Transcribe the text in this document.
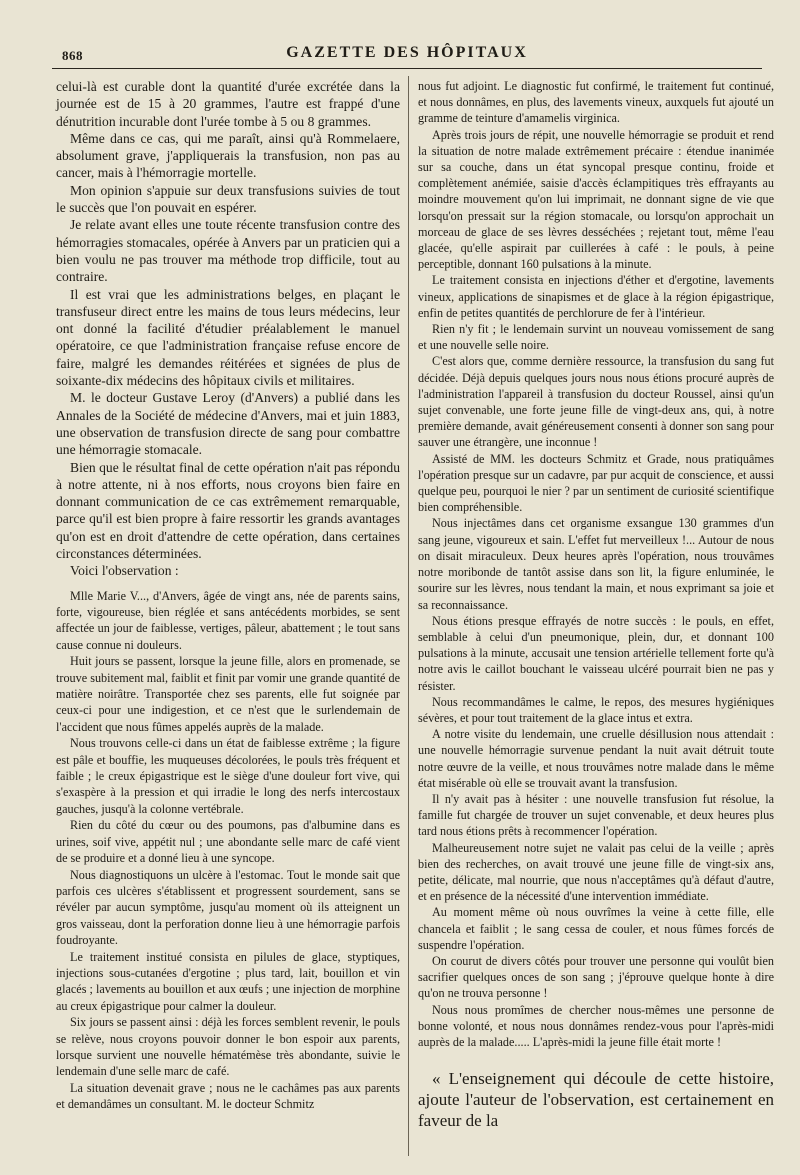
868	GAZETTE DES HÔPITAUX

celui-là est curable dont la quantité d'urée excrétée dans la journée est de 15 à 20 grammes, l'autre est frappé d'une dénutrition incurable dont l'urée tombe à 5 ou 8 grammes.

Même dans ce cas, qui me paraît, ainsi qu'à Rommelaere, absolument grave, j'appliquerais la transfusion, non pas au cancer, mais à l'hémorragie mortelle.

Mon opinion s'appuie sur deux transfusions suivies de tout le succès que l'on pouvait en espérer.

Je relate avant elles une toute récente transfusion contre des hémorragies stomacales, opérée à Anvers par un praticien qui a bien voulu ne pas trouver ma méthode trop difficile, tout au contraire.

Il est vrai que les administrations belges, en plaçant le transfuseur direct entre les mains de tous leurs médecins, leur ont donné la facilité d'étudier préalablement le manuel opératoire, ce que l'administration française refuse encore de faire, malgré les demandes réitérées et signées de plus de soixante-dix médecins des hôpitaux civils et militaires.

M. le docteur Gustave Leroy (d'Anvers) a publié dans les Annales de la Société de médecine d'Anvers, mai et juin 1883, une observation de transfusion directe de sang pour combattre une hémorragie stomacale.

Bien que le résultat final de cette opération n'ait pas répondu à notre attente, ni à nos efforts, nous croyons bien faire en donnant communication de ce cas extrêmement remarquable, parce qu'il est bien propre à faire ressortir les grands avantages qu'on est en droit d'attendre de cette opération, dans certaines circonstances déterminées.

Voici l'observation :

Mlle Marie V..., d'Anvers, âgée de vingt ans, née de parents sains, forte, vigoureuse, bien réglée et sans antécédents morbides, se sent affectée un jour de faiblesse, vertiges, pâleur, abattement ; le tout sans cause connue ni douleurs.

Huit jours se passent, lorsque la jeune fille, alors en promenade, se trouve subitement mal, faiblit et finit par vomir une grande quantité de matière noirâtre. Transportée chez ses parents, elle fut soignée par ceux-ci pour une indigestion, et ce n'est que le surlendemain de l'accident que nous fûmes appelés auprès de la malade.

Nous trouvons celle-ci dans un état de faiblesse extrême ; la figure est pâle et bouffie, les muqueuses décolorées, le pouls très fréquent et faible ; le creux épigastrique est le siège d'une douleur fort vive, qui s'exaspère à la pression et qui irradie le long des nerfs intercostaux gauches, jusqu'à la colonne vertébrale.

Rien du côté du cœur ou des poumons, pas d'albumine dans es urines, soif vive, appétit nul ; une abondante selle marc de café vient de se produire et a donné lieu à une syncope.

Nous diagnostiquons un ulcère à l'estomac. Tout le monde sait que parfois ces ulcères s'établissent et progressent sourdement, sans se révéler par aucun symptôme, jusqu'au moment où ils atteignent un gros vaisseau, dont la perforation donne lieu à une hémorragie parfois foudroyante.

Le traitement institué consista en pilules de glace, styptiques, injections sous-cutanées d'ergotine ; plus tard, lait, bouillon et vin glacés ; lavements au bouillon et aux œufs ; une injection de morphine au creux épigastrique pour calmer la douleur.

Six jours se passent ainsi : déjà les forces semblent revenir, le pouls se relève, nous croyons pouvoir donner le bon espoir aux parents, lorsque survient une nouvelle hématémèse très abondante, suivie le lendemain d'une selle marc de café.

La situation devenait grave ; nous ne le cachâmes pas aux parents et demandâmes un consultant. M. le docteur Schmitz

nous fut adjoint. Le diagnostic fut confirmé, le traitement fut continué, et nous donnâmes, en plus, des lavements vineux, auxquels fut ajouté un gramme de teinture d'amamelis virginica.

Après trois jours de répit, une nouvelle hémorragie se produit et rend la situation de notre malade extrêmement précaire : étendue inanimée sur sa couche, dans un état syncopal presque continu, froide et complètement anémiée, saisie d'accès éclampitiques très effrayants au moindre mouvement qu'on lui imprimait, ne donnant signe de vie que lorsqu'on pressait sur la région stomacale, ou lorsqu'on approchait un morceau de glace de ses lèvres desséchées ; rejetant tout, même l'eau glacée, qu'elle aspirait par cuillerées à café : le pouls, à peine perceptible, donnant 160 pulsations à la minute.

Le traitement consista en injections d'éther et d'ergotine, lavements vineux, applications de sinapismes et de glace à la région épigastrique, enfin de petites quantités de perchlorure de fer à l'intérieur.

Rien n'y fit ; le lendemain survint un nouveau vomissement de sang et une nouvelle selle noire.

C'est alors que, comme dernière ressource, la transfusion du sang fut décidée. Déjà depuis quelques jours nous nous étions procuré auprès de l'administration l'appareil à transfusion du docteur Roussel, ainsi qu'un sujet convenable, une forte jeune fille de vingt-deux ans, qui, à notre première demande, avait généreusement consenti à donner son sang pour sauver une étrangère, une inconnue !

Assisté de MM. les docteurs Schmitz et Grade, nous pratiquâmes l'opération presque sur un cadavre, par pur acquit de conscience, et aussi quelque peu, pourquoi le nier ? par un sentiment de curiosité scientifique bien compréhensible.

Nous injectâmes dans cet organisme exsangue 130 grammes d'un sang jeune, vigoureux et sain. L'effet fut merveilleux !... Autour de nous on disait miraculeux. Deux heures après l'opération, nous trouvâmes notre moribonde de tantôt assise dans son lit, la figure enluminée, le sourire sur les lèvres, nous tendant la main, et nous exprimant sa joie et sa reconnaissance.

Nous étions presque effrayés de notre succès : le pouls, en effet, semblable à celui d'un pneumonique, plein, dur, et donnant 100 pulsations à la minute, accusait une tension artérielle tellement forte qu'à notre avis le caillot bouchant le vaisseau ulcéré pourrait bien ne pas y résister.

Nous recommandâmes le calme, le repos, des mesures hygiéniques sévères, et pour tout traitement de la glace intus et extra.

A notre visite du lendemain, une cruelle désillusion nous attendait : une nouvelle hémorragie survenue pendant la nuit avait détruit toute notre œuvre de la veille, et nous trouvâmes notre malade dans le même état misérable où elle se trouvait avant la transfusion.

Il n'y avait pas à hésiter : une nouvelle transfusion fut résolue, la famille fut chargée de trouver un sujet convenable, et deux heures plus tard nous étions prêts à recommencer l'opération.

Malheureusement notre sujet ne valait pas celui de la veille ; après bien des recherches, on avait trouvé une jeune fille de vingt-six ans, petite, délicate, mal nourrie, que nous n'acceptâmes qu'à défaut d'autre, et en présence de la nécessité d'une intervention immédiate.

Au moment même où nous ouvrîmes la veine à cette fille, elle chancela et faiblit ; le sang cessa de couler, et nous fûmes forcés de suspendre l'opération.

On courut de divers côtés pour trouver une personne qui voulût bien sacrifier quelques onces de son sang ; j'éprouve quelque honte à dire qu'on ne trouva personne !

Nous nous promîmes de chercher nous-mêmes une personne de bonne volonté, et nous nous donnâmes rendez-vous pour l'après-midi auprès de la malade..... L'après-midi la jeune fille était morte !

« L'enseignement qui découle de cette histoire, ajoute l'auteur de l'observation, est certainement en faveur de la
